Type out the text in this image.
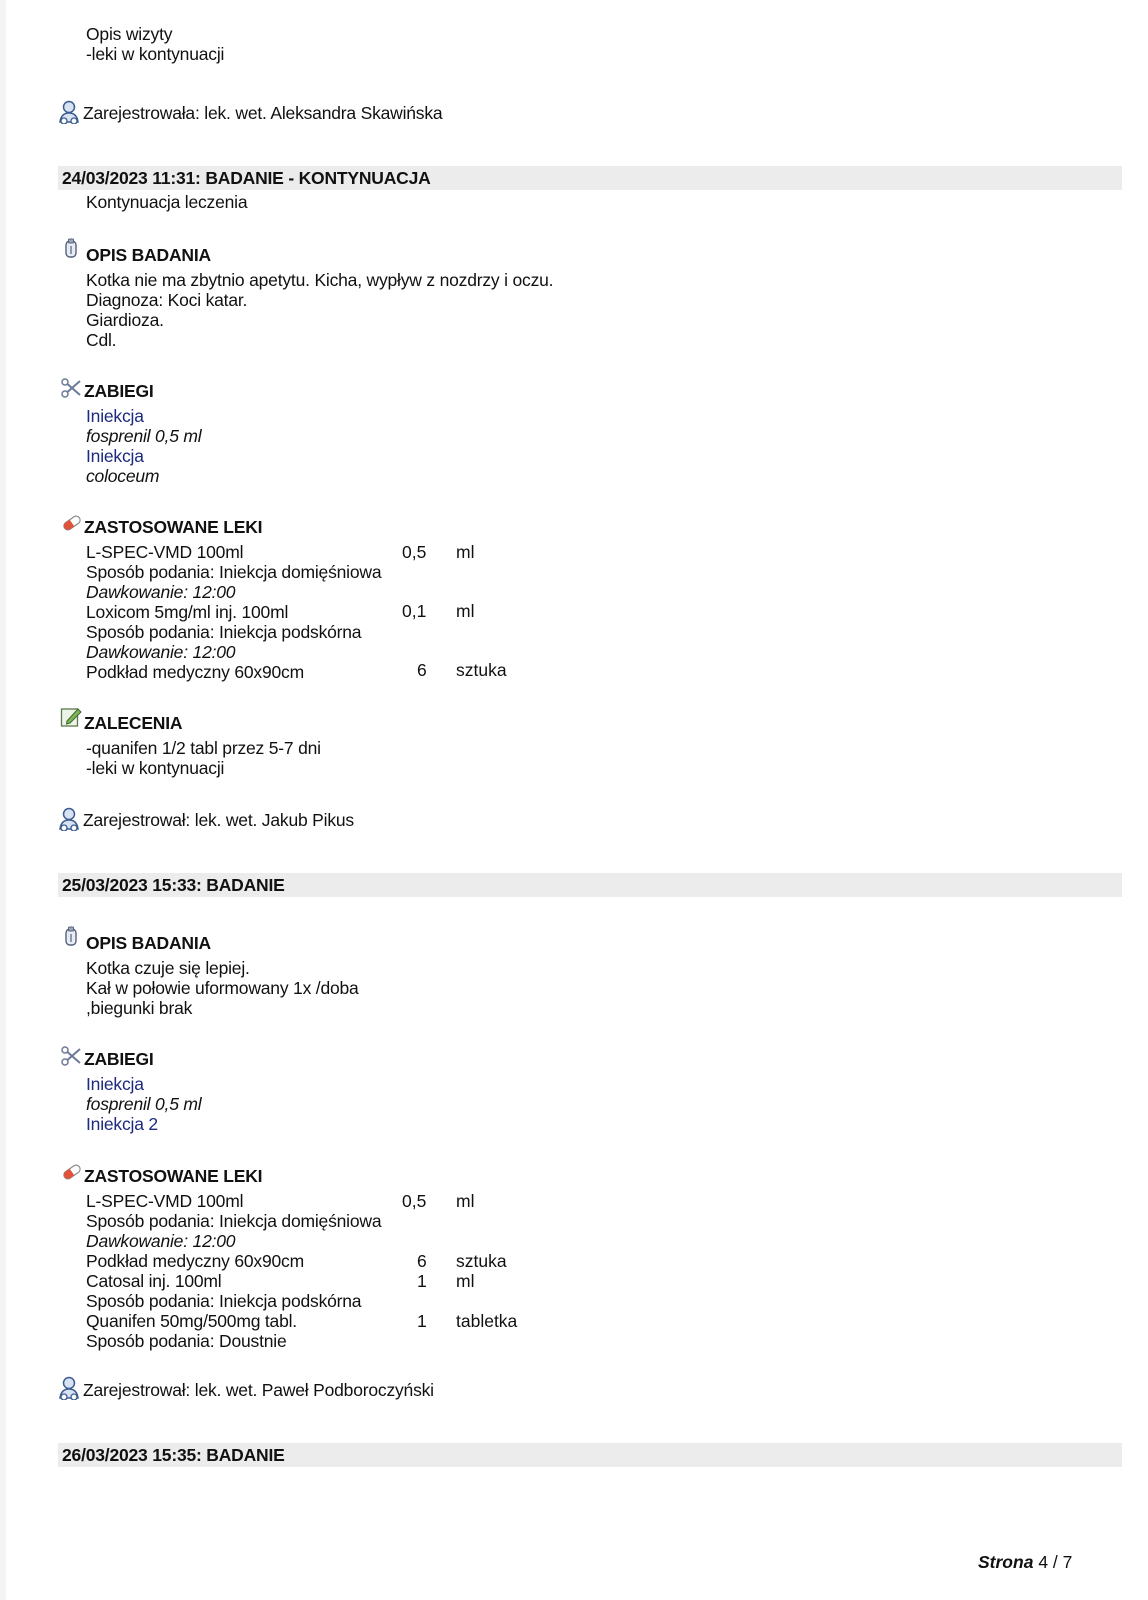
Opis wizyty
-leki w kontynuacji
Zarejestrowała: lek. wet. Aleksandra Skawińska
24/03/2023 11:31: BADANIE - KONTYNUACJA
Kontynuacja leczenia
OPIS BADANIA
Kotka nie ma zbytnio apetytu. Kicha, wypływ z nozdrzy i oczu.
Diagnoza: Koci katar.
Giardioza.
Cdl.
ZABIEGI
Iniekcja
fosprenil 0,5 ml
Iniekcja
coloceum
ZASTOSOWANE LEKI
L-SPEC-VMD 100ml
Sposób podania: Iniekcja domięśniowa
Dawkowanie: 12:00
Loxicom 5mg/ml inj. 100ml
Sposób podania: Iniekcja podskórna
Dawkowanie: 12:00
Podkład medyczny 60x90cm
0,5 ml
0,1 ml
6 sztuka
ZALECENIA
-quanifen 1/2 tabl przez 5-7 dni
-leki w kontynuacji
Zarejestrował: lek. wet. Jakub Pikus
25/03/2023 15:33: BADANIE
OPIS BADANIA
Kotka czuje się lepiej.
Kał w połowie uformowany 1x /doba
,biegunki brak
ZABIEGI
Iniekcja
fosprenil 0,5 ml
Iniekcja 2
ZASTOSOWANE LEKI
L-SPEC-VMD 100ml
Sposób podania: Iniekcja domięśniowa
Dawkowanie: 12:00
Podkład medyczny 60x90cm
Catosal inj. 100ml
Sposób podania: Iniekcja podskórna
Quanifen 50mg/500mg tabl.
Sposób podania: Doustnie
0,5 ml
6 sztuka
1 ml
1 tabletka
Zarejestrował: lek. wet. Paweł Podboroczyński
26/03/2023 15:35: BADANIE
Strona 4 / 7
